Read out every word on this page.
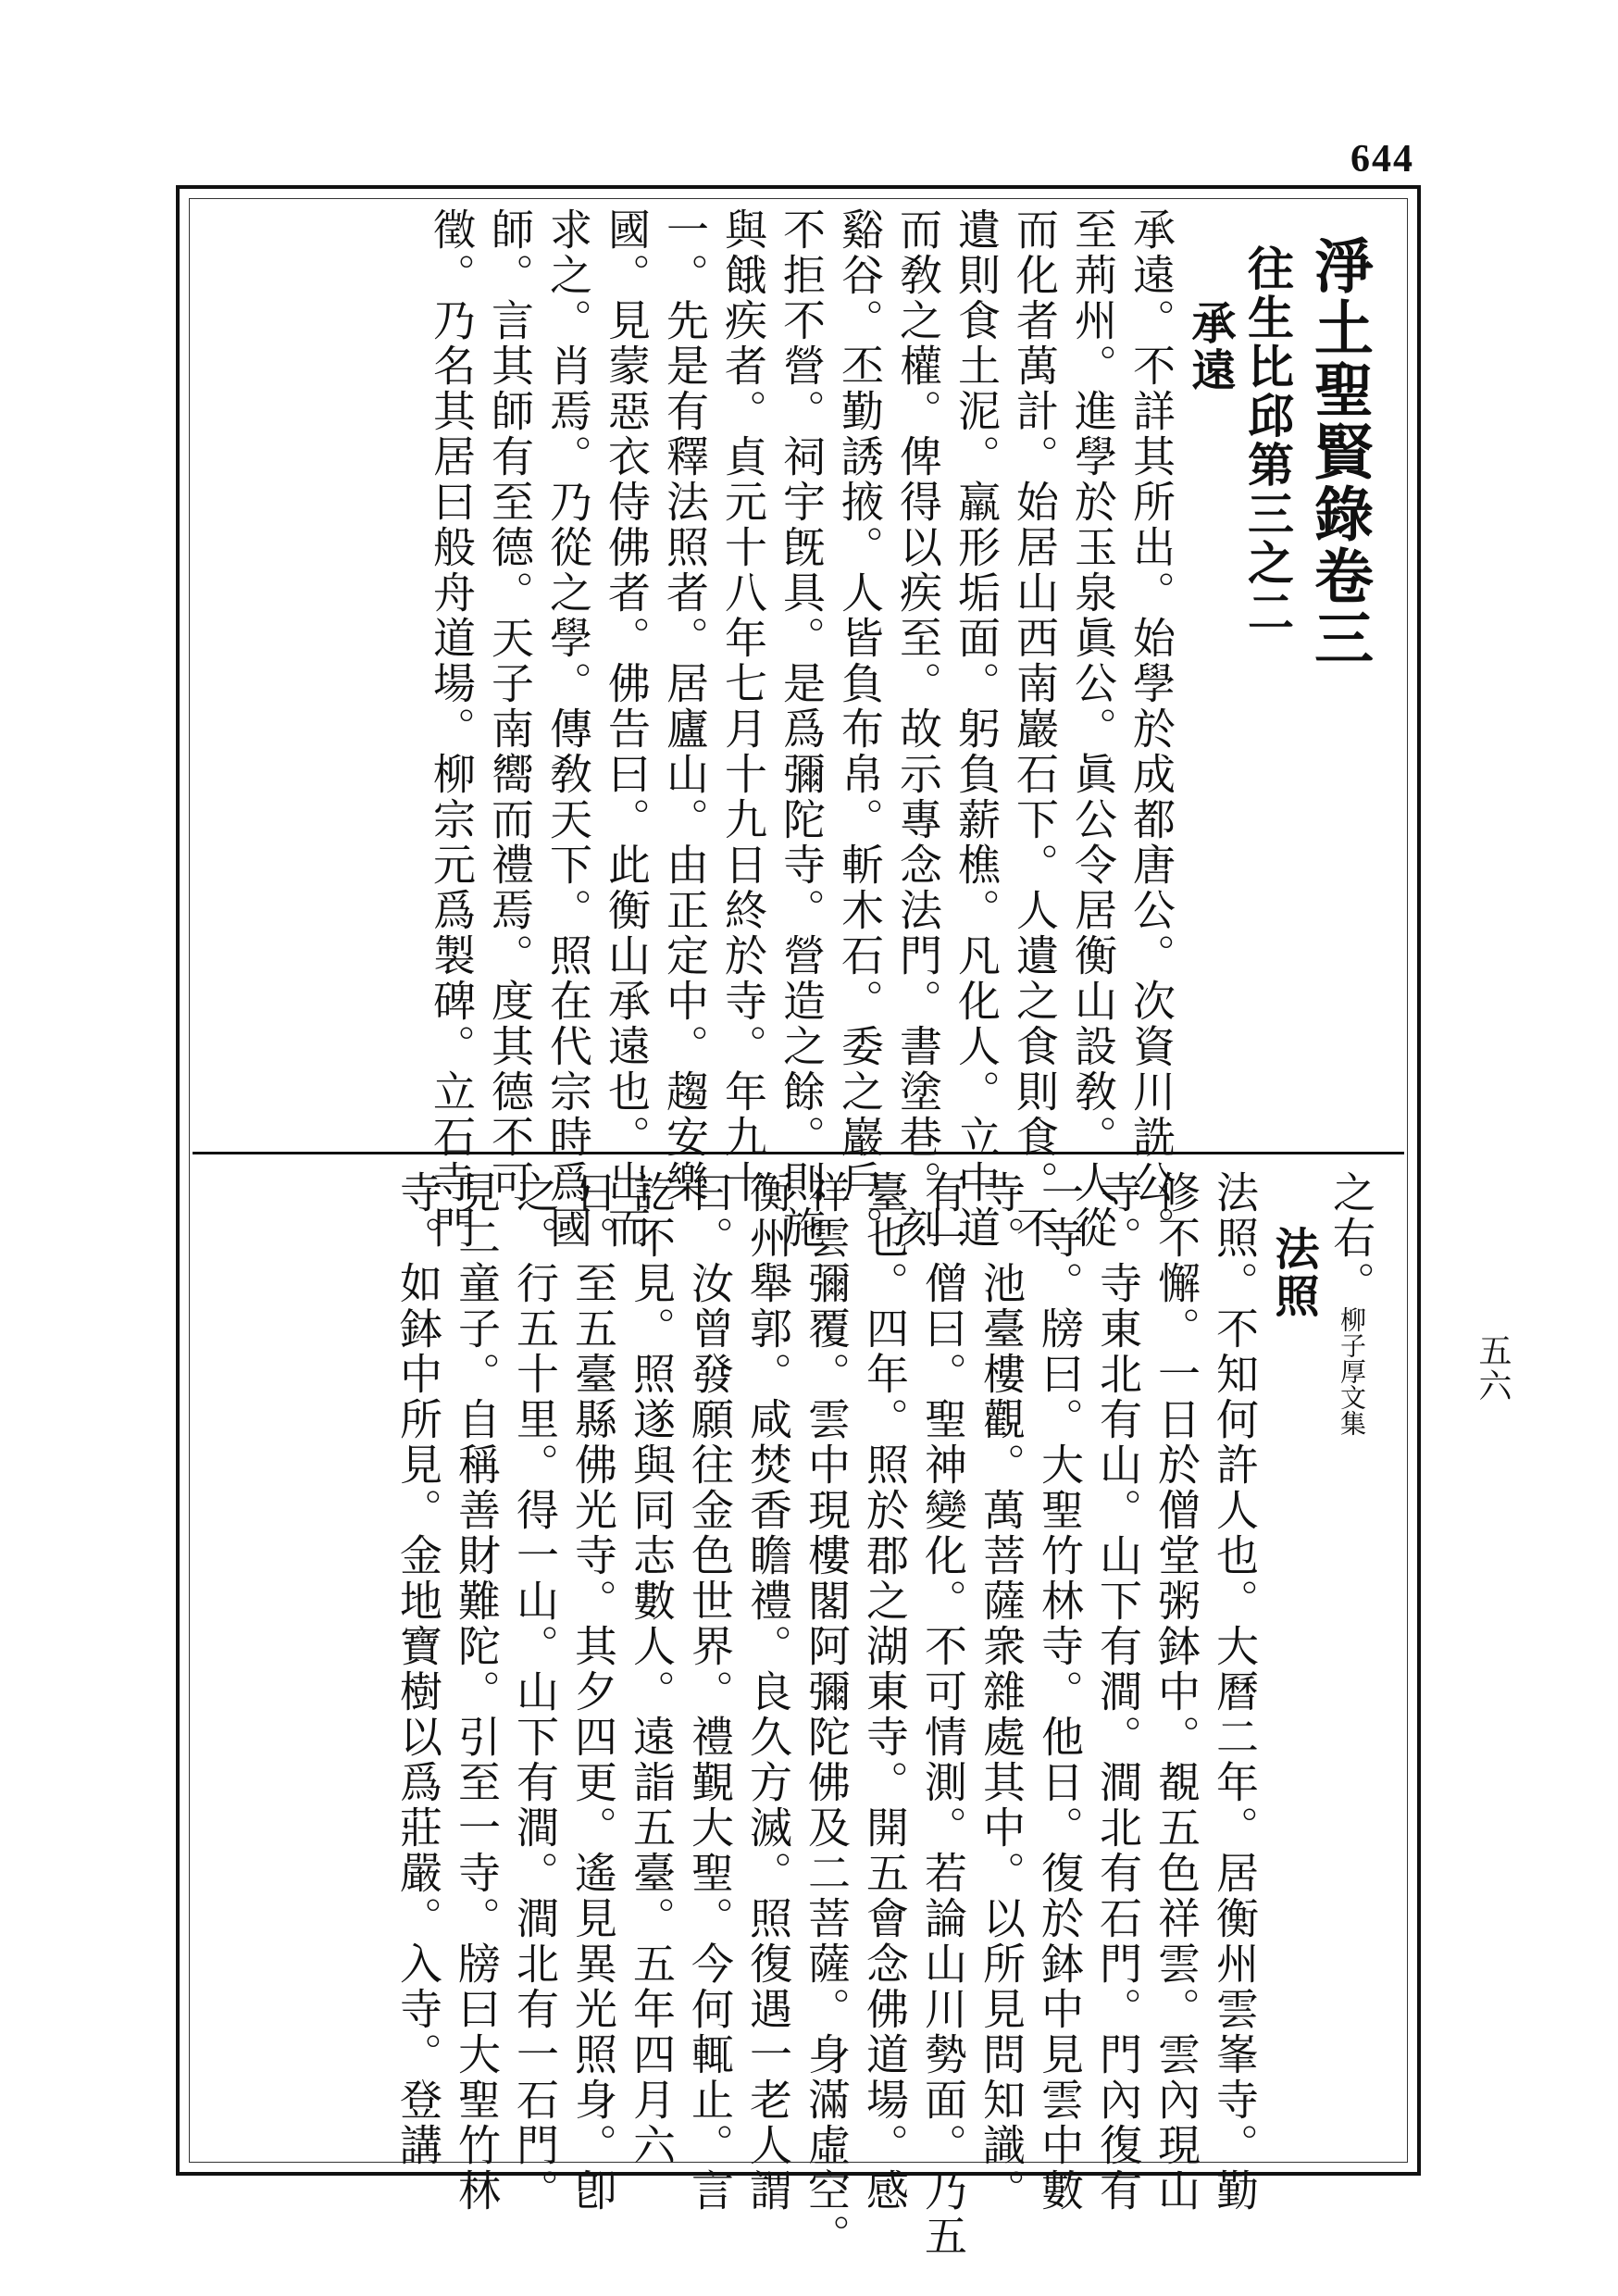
644
淨土聖賢錄卷三
往生比邱第三之二
承遠
承遠。不詳其所出。始學於成都唐公。次資川詵公。
至荊州。進學於玉泉眞公。眞公令居衡山設敎。人從
而化者萬計。始居山西南巖石下。人遺之食則食。不
遺則食土泥。羸形垢面。躬負薪樵。凡化人。立中道
而敎之權。俾得以疾至。故示專念法門。書塗巷。刻
谿谷。丕勤誘掖。人皆負布帛。斬木石。委之巖戶。
不拒不營。祠宇旣具。是爲彌陀寺。營造之餘。則施
與餓疾者。貞元十八年七月十九日終於寺。年九十
一。先是有釋法照者。居廬山。由正定中。趨安樂
國。見蒙惡衣侍佛者。佛告曰。此衡山承遠也。出而
求之。肖焉。乃從之學。傳敎天下。照在代宗時爲國
師。言其師有至德。天子南嚮而禮焉。度其德不可
徵。乃名其居曰般舟道場。柳宗元爲製碑。立石寺門	之右。柳子厚文集
法照
法照。不知何許人也。大曆二年。居衡州雲峯寺。勤
修不懈。一日於僧堂粥鉢中。覩五色祥雲。雲內現山
寺。寺東北有山。山下有澗。澗北有石門。門內復有
一寺。牓曰。大聖竹林寺。他日。復於鉢中見雲中數
寺。池臺樓觀。萬菩薩衆雜處其中。以所見問知識。
有一僧曰。聖神變化。不可情測。若論山川勢面。乃五
臺也。四年。照於郡之湖東寺。開五會念佛道場。感
祥雲彌覆。雲中現樓閣阿彌陀佛及二菩薩。身滿虛空。
衡州舉郭。咸焚香瞻禮。良久方滅。照復遇一老人謂
曰。汝曾發願往金色世界。禮覲大聖。今何輒止。言
訖不見。照遂與同志數人。遠詣五臺。五年四月六
日。至五臺縣佛光寺。其夕四更。遙見異光照身。卽
之。行五十里。得一山。山下有澗。澗北有一石門。
見二童子。自稱善財難陀。引至一寺。牓曰大聖竹林
寺。如鉢中所見。金地寶樹以爲莊嚴。入寺。登講	五六
